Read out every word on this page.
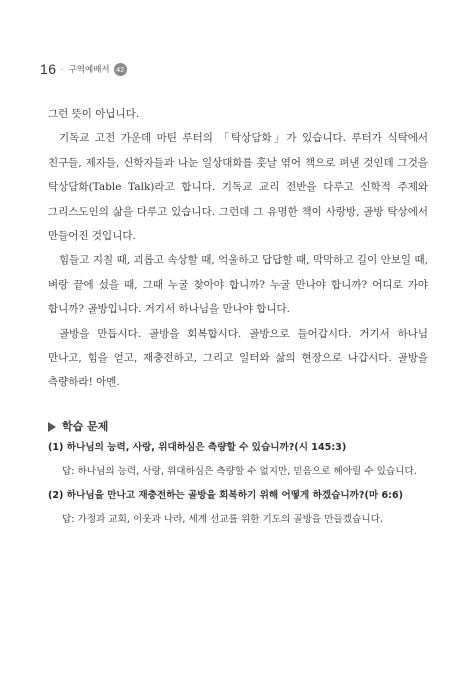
16 · 구역예배서 42

그런 뜻이 아닙니다.

기독교 고전 가운데 마틴 루터의 「탁상담화」가 있습니다. 루터가 식탁에서 친구들, 제자들, 신학자들과 나눈 일상대화를 훗날 엮어 책으로 펴낸 것인데 그것을 탁상담화(Table Talk)라고 합니다. 기독교 교리 전반을 다루고 신학적 주제와 그리스도인의 삶을 다루고 있습니다. 그런데 그 유명한 책이 사랑방, 골방 탁상에서 만들어진 것입니다.

힘들고 지칠 때, 괴롭고 속상할 때, 억울하고 답답할 때, 막막하고 길이 안보일 때, 벼랑 끝에 섰을 때, 그때 누굴 찾아야 합니까? 누굴 만나야 합니까? 어디로 가야 합니까? 골방입니다. 거기서 하나님을 만나야 합니다.

골방을 만듭시다. 골방을 회복합시다. 골방으로 들어갑시다. 거기서 하나님 만나고, 힘을 얻고, 재충전하고, 그리고 일터와 삶의 현장으로 나갑시다. 골방을 측량하라! 아멘.

학습 문제

(1) 하나님의 능력, 사랑, 위대하심은 측량할 수 있습니까?(시 145:3)

답: 하나님의 능력, 사랑, 위대하심은 측량할 수 없지만, 믿음으로 헤아릴 수 있습니다.

(2) 하나님을 만나고 재충전하는 골방을 회복하기 위해 어떻게 하겠습니까?(마 6:6)

답: 가정과 교회, 이웃과 나라, 세계 선교를 위한 기도의 골방을 만들겠습니다.
